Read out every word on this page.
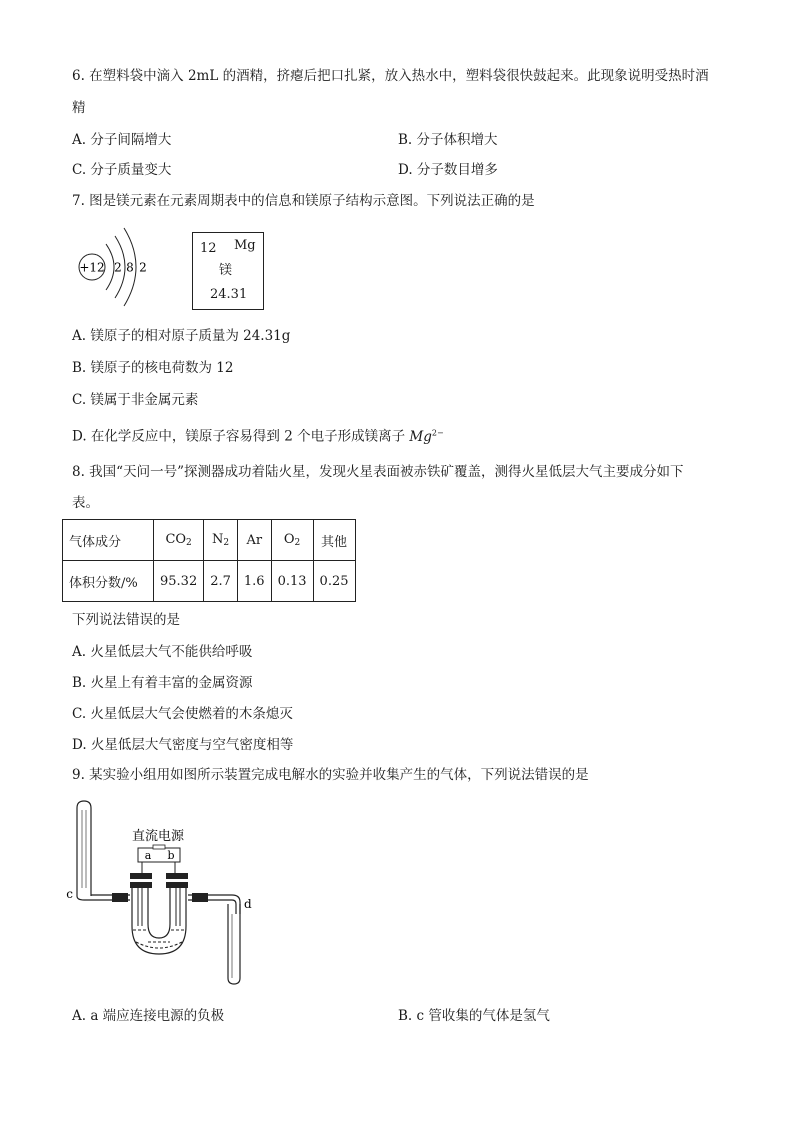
6. 在塑料袋中滴入 2mL 的酒精，挤瘪后把口扎紧，放入热水中，塑料袋很快鼓起来。此现象说明受热时酒
精
A. 分子间隔增大	B. 分子体积增大
C. 分子质量变大	D. 分子数目增多
7. 图是镁元素在元素周期表中的信息和镁原子结构示意图。下列说法正确的是
+12 2 8 2
12 Mg
镁
24.31
A. 镁原子的相对原子质量为 24.31g
B. 镁原子的核电荷数为 12
C. 镁属于非金属元素
D. 在化学反应中，镁原子容易得到 2 个电子形成镁离子 $Mg^{2-}$
8. 我国“天问一号”探测器成功着陆火星，发现火星表面被赤铁矿覆盖，测得火星低层大气主要成分如下
表。
气体成分	$CO_2$	$N_2$	Ar	$O_2$	其他
体积分数/%	95.32	2.7	1.6	0.13	0.25
下列说法错误的是
A. 火星低层大气不能供给呼吸
B. 火星上有着丰富的金属资源
C. 火星低层大气会使燃着的木条熄灭
D. 火星低层大气密度与空气密度相等
9. 某实验小组用如图所示装置完成电解水的实验并收集产生的气体，下列说法错误的是
c
直流电源
a b
d
A. a 端应连接电源的负极	B. c 管收集的气体是氢气
